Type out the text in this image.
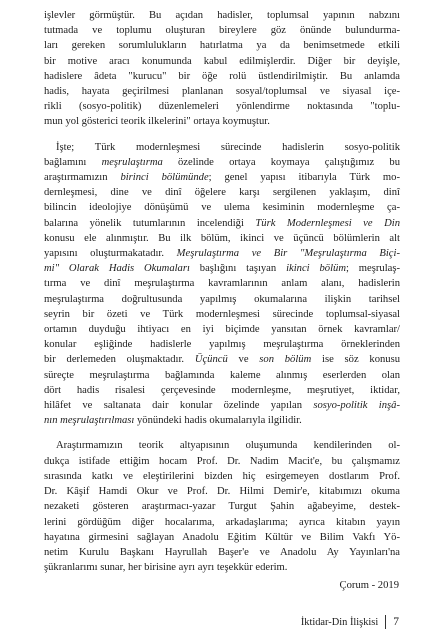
işlevler görmüştür. Bu açıdan hadisler, toplumsal yapının nabzını
tutmada ve toplumu oluşturan bireylere göz önünde bulundurma-
ları gereken sorumlulukların hatırlatma ya da benimsetmede etkili
bir motive aracı konumunda kabul edilmişlerdir. Diğer bir deyişle,
hadislere âdeta "kurucu" bir öğe rolü üstlendirilmiştir. Bu anlamda
hadis, hayata geçirilmesi planlanan sosyal/toplumsal ve siyasal içe-
rikli (sosyo-politik) düzenlemeleri yönlendirme noktasında "toplu-
mun yol gösterici teorik ilkelerini" ortaya koymuştur.

İşte; Türk modernleşmesi sürecinde hadislerin sosyo-politik
bağlamını meşrulaştırma özelinde ortaya koymaya çalıştığımız bu
araştırmamızın birinci bölümünde; genel yapısı itibarıyla Türk mo-
dernleşmesi, dine ve dinî öğelere karşı sergilenen yaklaşım, dinî
bilincin ideolojiye dönüşümü ve ulema kesiminin modernleşme ça-
balarına yönelik tutumlarının incelendiği Türk Modernleşmesi ve Din
konusu ele alınmıştır. Bu ilk bölüm, ikinci ve üçüncü bölümlerin alt
yapısını oluşturmakatadır. Meşrulaştırma ve Bir "Meşrulaştırma Biçi-
mi" Olarak Hadis Okumaları başlığını taşıyan ikinci bölüm; meşrulaş-
tırma ve dinî meşrulaştırma kavramlarının anlam alanı, hadislerin
meşrulaştırma doğrultusunda yapılmış okumalarına ilişkin tarihsel
seyrin bir özeti ve Türk modernleşmesi sürecinde toplumsal-siyasal
ortamın duyduğu ihtiyacı en iyi biçimde yansıtan örnek kavramlar/
konular eşliğinde hadislerle yapılmış meşrulaştırma örneklerinden
bir derlemeden oluşmaktadır. Üçüncü ve son bölüm ise söz konusu
süreçte meşrulaştırma bağlamında kaleme alınmış eserlerden olan
dört hadis risalesi çerçevesinde modernleşme, meşrutiyet, iktidar,
hilâfet ve saltanata dair konular özelinde yapılan sosyo-politik inşâ-
nın meşrulaştırılması yönündeki hadis okumalarıyla ilgilidir.

Araştırmamızın teorik altyapısının oluşumunda kendilerinden ol-
dukça istifade ettiğim hocam Prof. Dr. Nadim Macit'e, bu çalışmamız
sırasında katkı ve eleştirilerini bizden hiç esirgemeyen dostlarım Prof.
Dr. Kâşif Hamdi Okur ve Prof. Dr. Hilmi Demir'e, kitabımızı okuma
nezaketi gösteren araştırmacı-yazar Turgut Şahin ağabeyime, destek-
lerini gördüğüm diğer hocalarıma, arkadaşlarıma; ayrıca kitabın yayın
hayatına girmesini sağlayan Anadolu Eğitim Kültür ve Bilim Vakfı Yö-
netim Kurulu Başkanı Hayrullah Başer'e ve Anadolu Ay Yayınları'na
şükranlarımı sunar, her birisine ayrı ayrı teşekkür ederim.

Çorum - 2019
İktidar-Din İlişkisi 7
